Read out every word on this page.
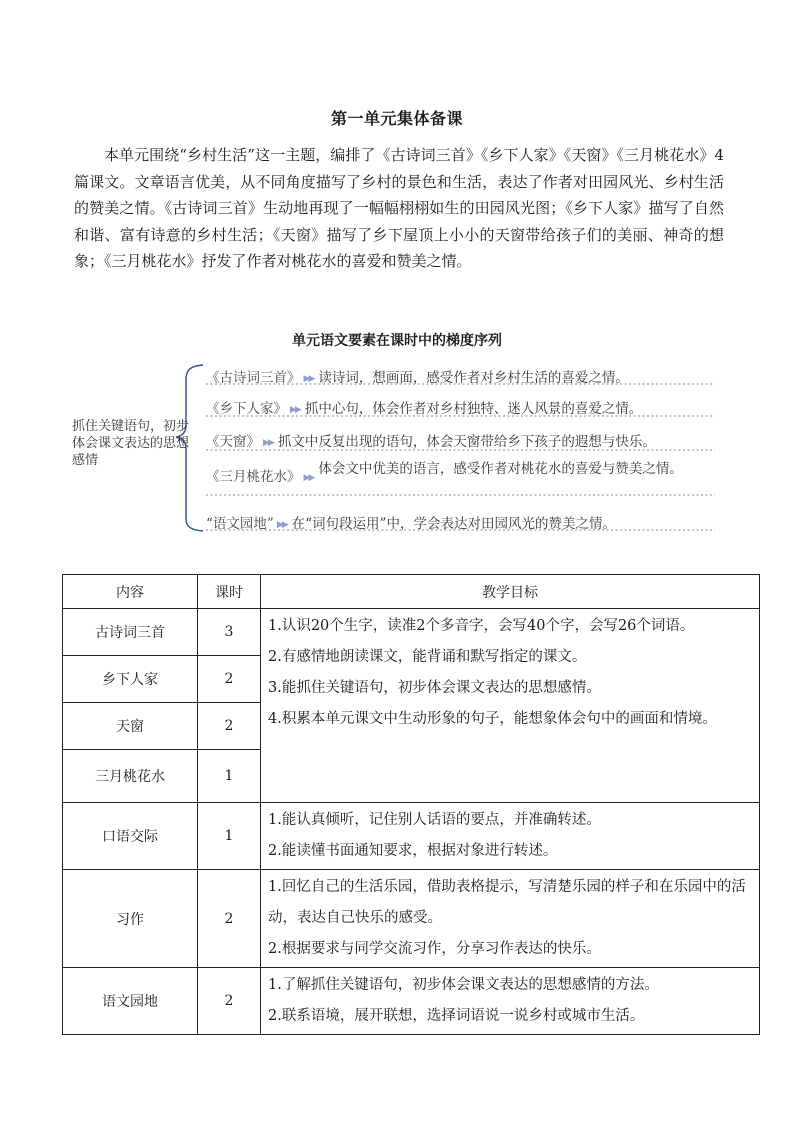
第一单元集体备课

本单元围绕“乡村生活”这一主题，编排了《古诗词三首》《乡下人家》《天窗》《三月桃花水》4篇课文。文章语言优美，从不同角度描写了乡村的景色和生活，表达了作者对田园风光、乡村生活的赞美之情。《古诗词三首》生动地再现了一幅幅栩栩如生的田园风光图；《乡下人家》描写了自然和谐、富有诗意的乡村生活；《天窗》描写了乡下屋顶上小小的天窗带给孩子们的美丽、神奇的想象；《三月桃花水》抒发了作者对桃花水的喜爱和赞美之情。

单元语文要素在课时中的梯度序列
抓住关键语句，初步体会课文表达的思想感情
《古诗词三首》 ▶▶ 读诗词，想画面，感受作者对乡村生活的喜爱之情。
《乡下人家》 ▶▶ 抓中心句，体会作者对乡村独特、迷人风景的喜爱之情。
《天窗》 ▶▶ 抓文中反复出现的语句，体会天窗带给乡下孩子的遐想与快乐。
《三月桃花水》 ▶▶体会文中优美的语言，感受作者对桃花水的喜爱与赞美之情。
“语文园地” ▶▶ 在“词句段运用”中，学会表达对田园风光的赞美之情。
内容	课时	教学目标
古诗词三首	3	1.认识20个生字，读准2个多音字，会写40个字，会写26个词语。
2.有感情地朗读课文，能背诵和默写指定的课文。
3.能抓住关键语句，初步体会课文表达的思想感情。
4.积累本单元课文中生动形象的句子，能想象体会句中的画面和情境。

乡下人家	2	
天窗	2	
三月桃花水	1	
口语交际	1	1.能认真倾听，记住别人话语的要点，并准确转述。
2.能读懂书面通知要求，根据对象进行转述。

习作	2	1.回忆自己的生活乐园，借助表格提示，写清楚乐园的样子和在乐园中的活动，表达自己快乐的感受。
2.根据要求与同学交流习作，分享习作表达的快乐。

语文园地	2	1.了解抓住关键语句，初步体会课文表达的思想感情的方法。
2.联系语境，展开联想，选择词语说一说乡村或城市生活。
